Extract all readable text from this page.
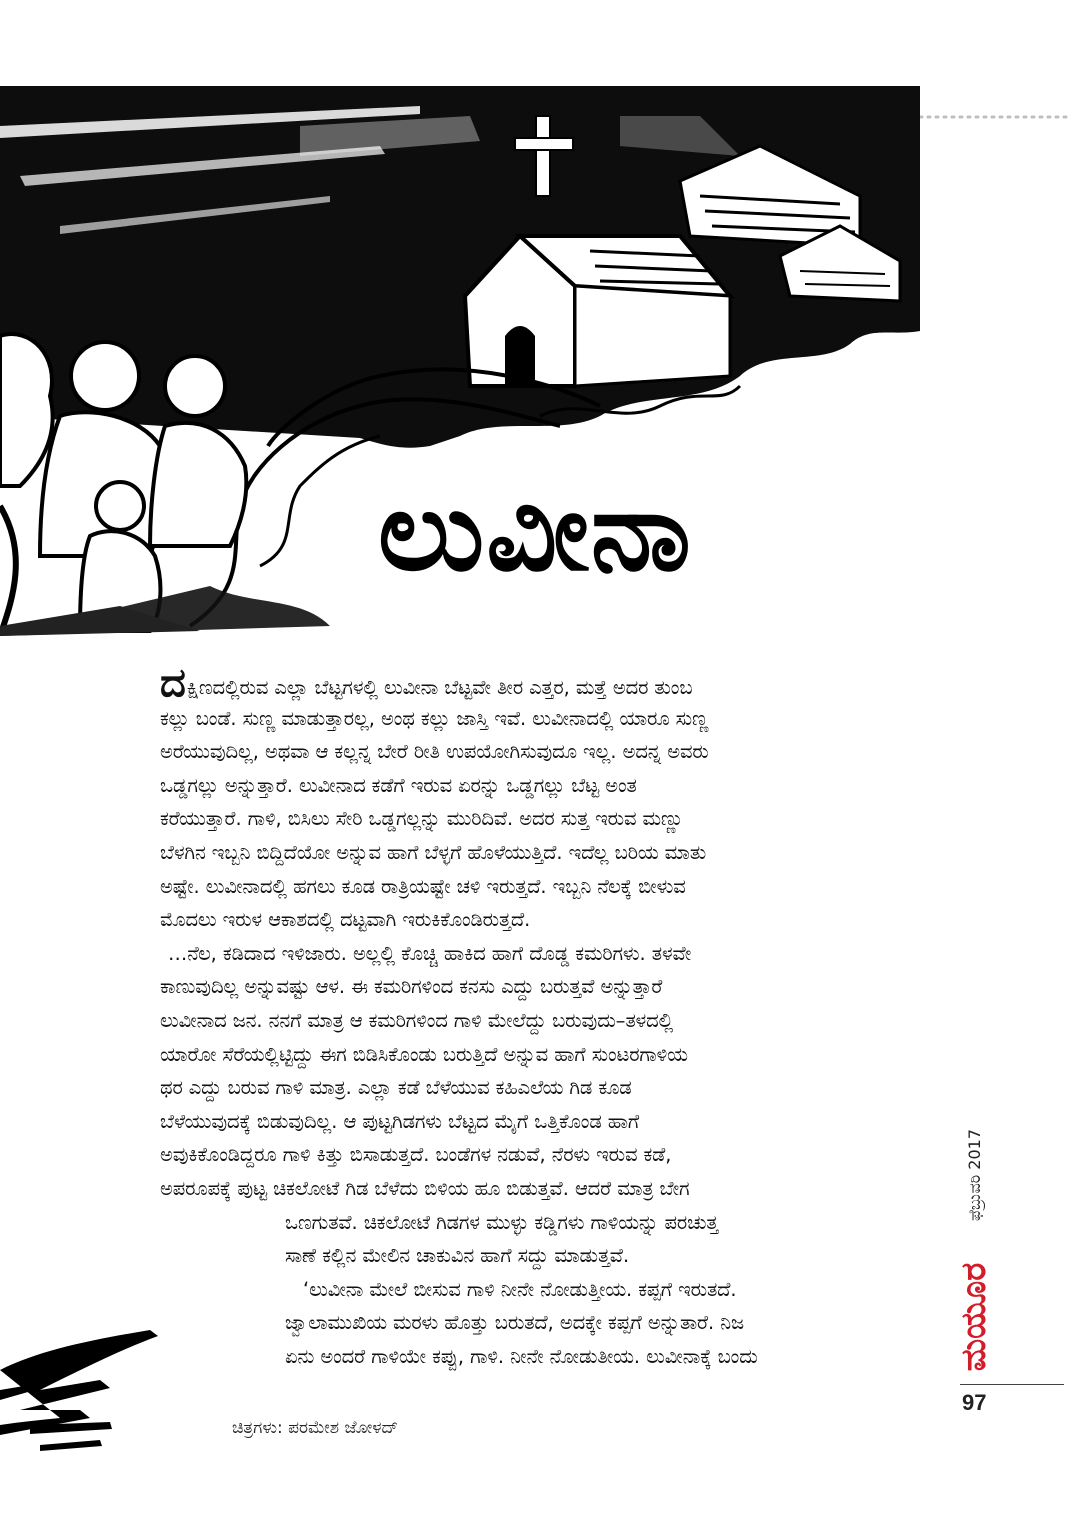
ಲುವೀನಾ
ದಕ್ಷಿಣದಲ್ಲಿರುವ ಎಲ್ಲಾ ಬೆಟ್ಟಗಳಲ್ಲಿ ಲುವೀನಾ ಬೆಟ್ಟವೇ ತೀರ ಎತ್ತರ, ಮತ್ತೆ ಅದರ ತುಂಬ
ಕಲ್ಲು ಬಂಡೆ. ಸುಣ್ಣ ಮಾಡುತ್ತಾರಲ್ಲ, ಅಂಥ ಕಲ್ಲು ಜಾಸ್ತಿ ಇವೆ. ಲುವೀನಾದಲ್ಲಿ ಯಾರೂ ಸುಣ್ಣ
ಅರೆಯುವುದಿಲ್ಲ, ಅಥವಾ ಆ ಕಲ್ಲನ್ನ ಬೇರೆ ರೀತಿ ಉಪಯೋಗಿಸುವುದೂ ಇಲ್ಲ. ಅದನ್ನ ಅವರು
ಒಡ್ಡಗಲ್ಲು ಅನ್ನುತ್ತಾರೆ. ಲುವೀನಾದ ಕಡೆಗೆ ಇರುವ ಏರನ್ನು ಒಡ್ಡಗಲ್ಲು ಬೆಟ್ಟ ಅಂತ
ಕರೆಯುತ್ತಾರೆ. ಗಾಳಿ, ಬಿಸಿಲು ಸೇರಿ ಒಡ್ಡಗಲ್ಲನ್ನು ಮುರಿದಿವೆ. ಅದರ ಸುತ್ತ ಇರುವ ಮಣ್ಣು
ಬೆಳಗಿನ ಇಬ್ಬನಿ ಬಿದ್ದಿದೆಯೋ ಅನ್ನುವ ಹಾಗೆ ಬೆಳ್ಳಗೆ ಹೊಳೆಯುತ್ತಿದೆ. ಇದೆಲ್ಲ ಬರಿಯ ಮಾತು
ಅಷ್ಟೇ. ಲುವೀನಾದಲ್ಲಿ ಹಗಲು ಕೂಡ ರಾತ್ರಿಯಷ್ಟೇ ಚಳಿ ಇರುತ್ತದೆ. ಇಬ್ಬನಿ ನೆಲಕ್ಕೆ ಬೀಳುವ
ಮೊದಲು ಇರುಳ ಆಕಾಶದಲ್ಲಿ ದಟ್ಟವಾಗಿ ಇರುಕಿಕೊಂಡಿರುತ್ತದೆ.
…ನೆಲ, ಕಡಿದಾದ ಇಳಿಜಾರು. ಅಲ್ಲಲ್ಲಿ ಕೊಚ್ಚಿ ಹಾಕಿದ ಹಾಗೆ ದೊಡ್ಡ ಕಮರಿಗಳು. ತಳವೇ
ಕಾಣುವುದಿಲ್ಲ ಅನ್ನುವಷ್ಟು ಆಳ. ಈ ಕಮರಿಗಳಿಂದ ಕನಸು ಎದ್ದು ಬರುತ್ತವೆ ಅನ್ನುತ್ತಾರೆ
ಲುವೀನಾದ ಜನ. ನನಗೆ ಮಾತ್ರ ಆ ಕಮರಿಗಳಿಂದ ಗಾಳಿ ಮೇಲೆದ್ದು ಬರುವುದು–ತಳದಲ್ಲಿ
ಯಾರೋ ಸೆರೆಯಲ್ಲಿಟ್ಟಿದ್ದು ಈಗ ಬಿಡಿಸಿಕೊಂಡು ಬರುತ್ತಿದೆ ಅನ್ನುವ ಹಾಗೆ ಸುಂಟರಗಾಳಿಯ
ಥರ ಎದ್ದು ಬರುವ ಗಾಳಿ ಮಾತ್ರ. ಎಲ್ಲಾ ಕಡೆ ಬೆಳೆಯುವ ಕಹಿಎಲೆಯ ಗಿಡ ಕೂಡ
ಬೆಳೆಯುವುದಕ್ಕೆ ಬಿಡುವುದಿಲ್ಲ. ಆ ಪುಟ್ಟಗಿಡಗಳು ಬೆಟ್ಟದ ಮೈಗೆ ಒತ್ತಿಕೊಂಡ ಹಾಗೆ
ಅವುಕಿಕೊಂಡಿದ್ದರೂ ಗಾಳಿ ಕಿತ್ತು ಬಿಸಾಡುತ್ತದೆ. ಬಂಡೆಗಳ ನಡುವೆ, ನೆರಳು ಇರುವ ಕಡೆ,
ಅಪರೂಪಕ್ಕೆ ಪುಟ್ಟ ಚಿಕಲೋಟೆ ಗಿಡ ಬೆಳೆದು ಬಿಳಿಯ ಹೂ ಬಿಡುತ್ತವೆ. ಆದರೆ ಮಾತ್ರ ಬೇಗ
ಒಣಗುತವೆ. ಚಿಕಲೋಟೆ ಗಿಡಗಳ ಮುಳ್ಳು ಕಡ್ಡಿಗಳು ಗಾಳಿಯನ್ನು ಪರಚುತ್ತ
ಸಾಣೆ ಕಲ್ಲಿನ ಮೇಲಿನ ಚಾಕುವಿನ ಹಾಗೆ ಸದ್ದು ಮಾಡುತ್ತವೆ.
‘ಲುವೀನಾ ಮೇಲೆ ಬೀಸುವ ಗಾಳಿ ನೀನೇ ನೋಡುತ್ತೀಯ. ಕಪ್ಪಗೆ ಇರುತದೆ.
ಜ್ವಾಲಾಮುಖಿಯ ಮರಳು ಹೊತ್ತು ಬರುತದೆ, ಅದಕ್ಕೇ ಕಪ್ಪಗೆ ಅನ್ನುತಾರೆ. ನಿಜ
ಏನು ಅಂದರೆ ಗಾಳಿಯೇ ಕಪ್ಪು, ಗಾಳಿ. ನೀನೇ ನೋಡುತೀಯ. ಲುವೀನಾಕ್ಕೆ ಬಂದು
ಚಿತ್ರಗಳು: ಪರಮೇಶ ಜೋಳದ್
ಫೆಬ್ರುವರಿ 2017
ಮಯೂರ
97
